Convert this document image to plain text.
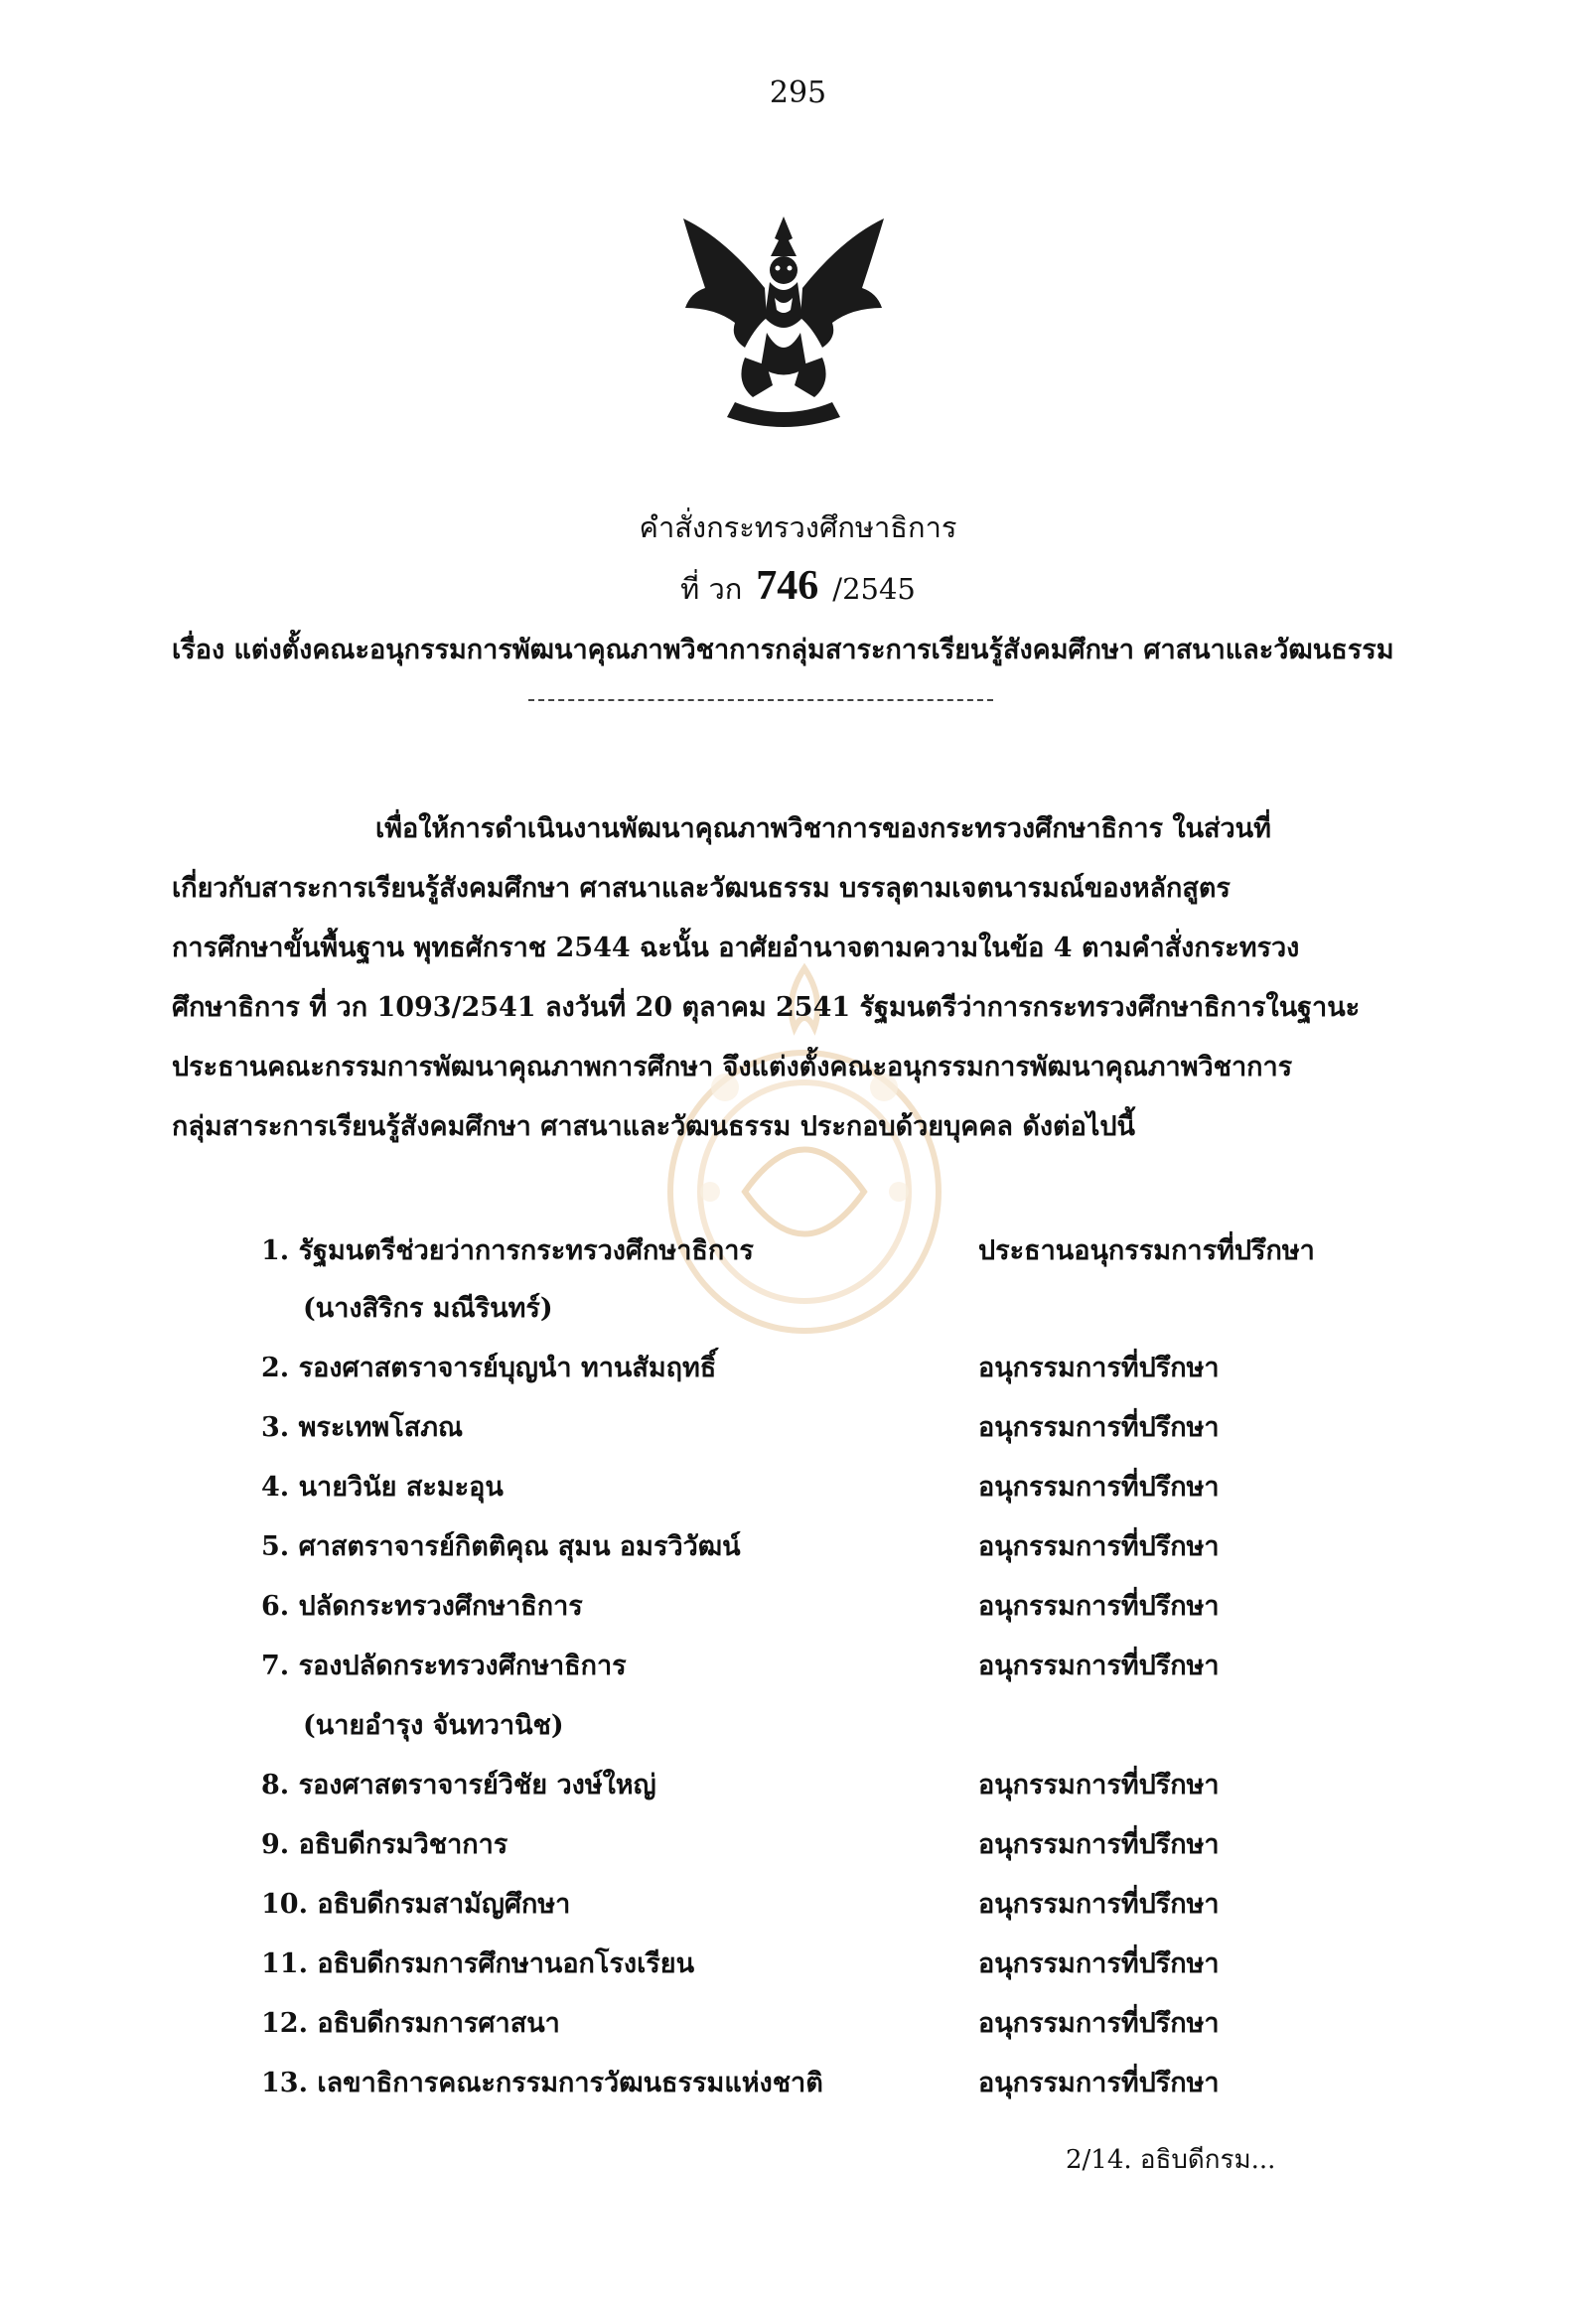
295
คำสั่งกระทรวงศึกษาธิการ
ที่ วก 746 /2545
เรื่อง แต่งตั้งคณะอนุกรรมการพัฒนาคุณภาพวิชาการกลุ่มสาระการเรียนรู้สังคมศึกษา ศาสนาและวัฒนธรรม
เพื่อให้การดำเนินงานพัฒนาคุณภาพวิชาการของกระทรวงศึกษาธิการ ในส่วนที่
เกี่ยวกับสาระการเรียนรู้สังคมศึกษา ศาสนาและวัฒนธรรม บรรลุตามเจตนารมณ์ของหลักสูตร
การศึกษาขั้นพื้นฐาน พุทธศักราช 2544 ฉะนั้น อาศัยอำนาจตามความในข้อ 4 ตามคำสั่งกระทรวง
ศึกษาธิการ ที่ วก 1093/2541 ลงวันที่ 20 ตุลาคม 2541 รัฐมนตรีว่าการกระทรวงศึกษาธิการในฐานะ
ประธานคณะกรรมการพัฒนาคุณภาพการศึกษา จึงแต่งตั้งคณะอนุกรรมการพัฒนาคุณภาพวิชาการ
กลุ่มสาระการเรียนรู้สังคมศึกษา ศาสนาและวัฒนธรรม ประกอบด้วยบุคคล ดังต่อไปนี้
1. รัฐมนตรีช่วยว่าการกระทรวงศึกษาธิการ	ประธานอนุกรรมการที่ปรึกษา
(นางสิริกร มณีรินทร์)
2. รองศาสตราจารย์บุญนำ ทานสัมฤทธิ์	อนุกรรมการที่ปรึกษา
3. พระเทพโสภณ	อนุกรรมการที่ปรึกษา
4. นายวินัย สะมะอุน	อนุกรรมการที่ปรึกษา
5. ศาสตราจารย์กิตติคุณ สุมน อมรวิวัฒน์	อนุกรรมการที่ปรึกษา
6. ปลัดกระทรวงศึกษาธิการ	อนุกรรมการที่ปรึกษา
7. รองปลัดกระทรวงศึกษาธิการ	อนุกรรมการที่ปรึกษา
(นายอำรุง จันทวานิช)
8. รองศาสตราจารย์วิชัย วงษ์ใหญ่	อนุกรรมการที่ปรึกษา
9. อธิบดีกรมวิชาการ	อนุกรรมการที่ปรึกษา
10. อธิบดีกรมสามัญศึกษา	อนุกรรมการที่ปรึกษา
11. อธิบดีกรมการศึกษานอกโรงเรียน	อนุกรรมการที่ปรึกษา
12. อธิบดีกรมการศาสนา	อนุกรรมการที่ปรึกษา
13. เลขาธิการคณะกรรมการวัฒนธรรมแห่งชาติ	อนุกรรมการที่ปรึกษา
2/14. อธิบดีกรม...
